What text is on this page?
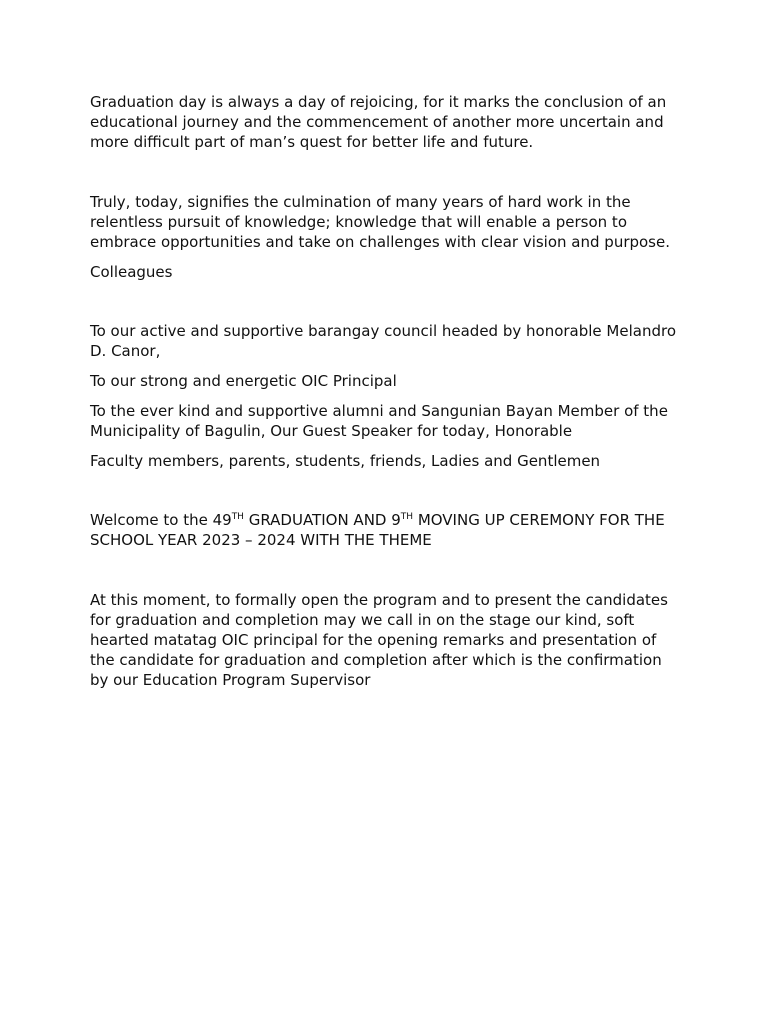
Graduation day is always a day of rejoicing, for it marks the conclusion of an educational journey and the commencement of another more uncertain and more difficult part of man’s quest for better life and future.

Truly, today, signifies the culmination of many years of hard work in the relentless pursuit of knowledge; knowledge that will enable a person to embrace opportunities and take on challenges with clear vision and purpose.

Colleagues

To our active and supportive barangay council headed by honorable Melandro D. Canor,

To our strong and energetic OIC Principal

To the ever kind and supportive alumni and Sangunian Bayan Member of the Municipality of Bagulin, Our Guest Speaker for today, Honorable

Faculty members, parents, students, friends, Ladies and Gentlemen

Welcome to the 49TH GRADUATION AND 9TH MOVING UP CEREMONY FOR THE SCHOOL YEAR 2023 – 2024 WITH THE THEME

At this moment, to formally open the program and to present the candidates for graduation and completion may we call in on the stage our kind, soft hearted matatag OIC principal for the opening remarks and presentation of the candidate for graduation and completion after which is the confirmation by our Education Program Supervisor
